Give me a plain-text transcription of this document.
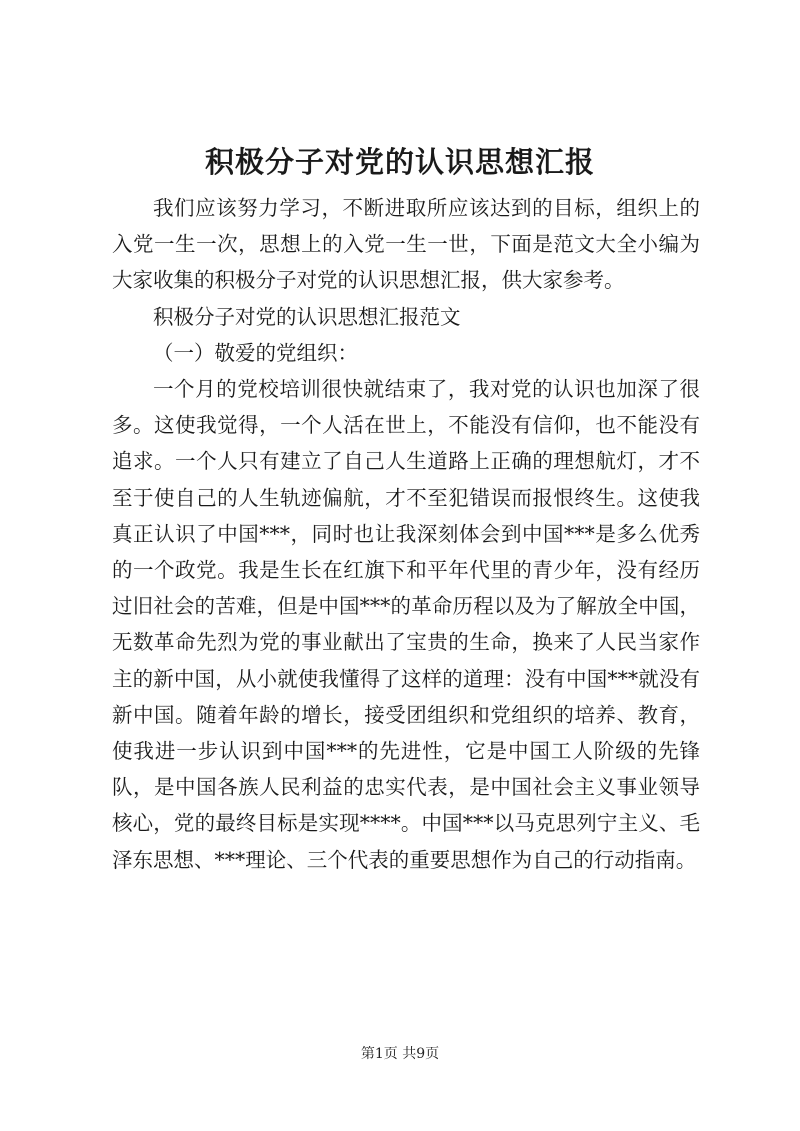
积极分子对党的认识思想汇报

我们应该努力学习，不断进取所应该达到的目标，组织上的入党一生一次，思想上的入党一生一世，下面是范文大全小编为大家收集的积极分子对党的认识思想汇报，供大家参考。

积极分子对党的认识思想汇报范文

（一）敬爱的党组织：

一个月的党校培训很快就结束了，我对党的认识也加深了很多。这使我觉得，一个人活在世上，不能没有信仰，也不能没有追求。一个人只有建立了自己人生道路上正确的理想航灯，才不至于使自己的人生轨迹偏航，才不至犯错误而报恨终生。这使我真正认识了中国***，同时也让我深刻体会到中国***是多么优秀的一个政党。我是生长在红旗下和平年代里的青少年，没有经历过旧社会的苦难，但是中国***的革命历程以及为了解放全中国，无数革命先烈为党的事业献出了宝贵的生命，换来了人民当家作主的新中国，从小就使我懂得了这样的道理：没有中国***就没有新中国。随着年龄的增长，接受团组织和党组织的培养、教育，使我进一步认识到中国***的先进性，它是中国工人阶级的先锋队，是中国各族人民利益的忠实代表，是中国社会主义事业领导核心，党的最终目标是实现****。中国***以马克思列宁主义、毛泽东思想、***理论、三个代表的重要思想作为自己的行动指南。

第1页 共9页
